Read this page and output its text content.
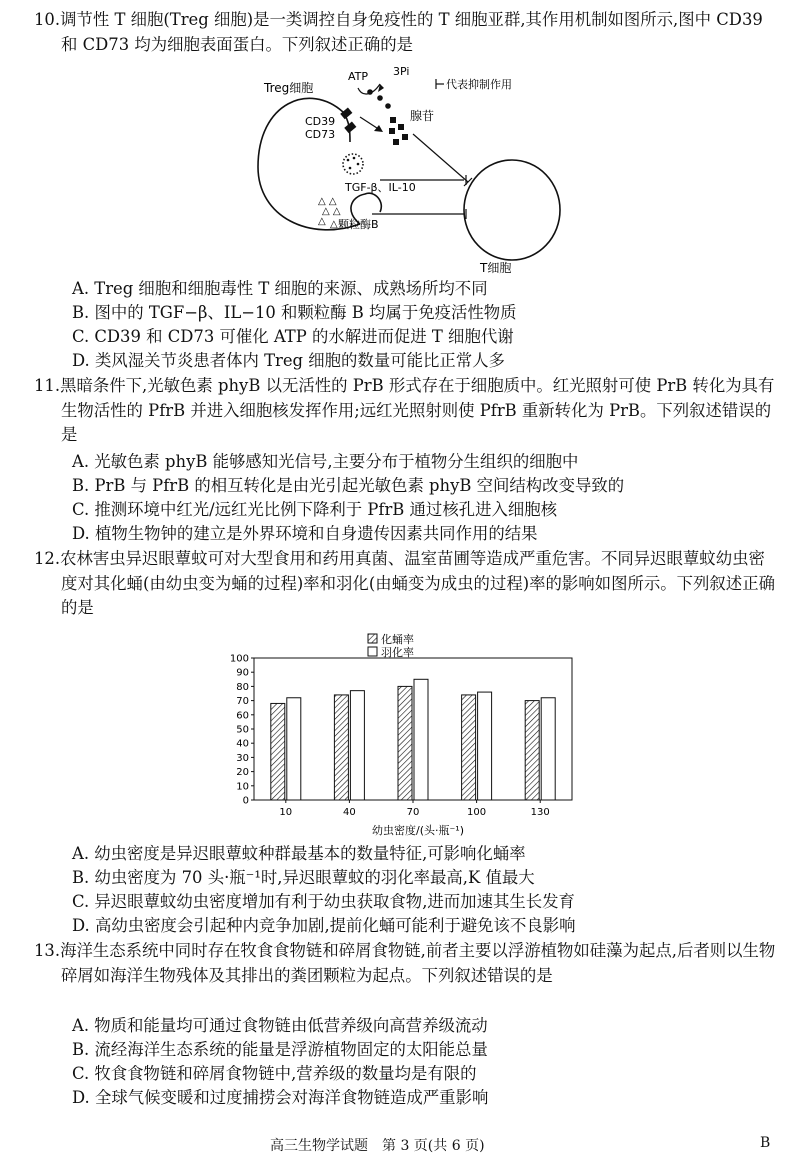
10.调节性 T 细胞(Treg 细胞)是一类调控自身免疫性的 T 细胞亚群,其作用机制如图所示,图中 CD39 和 CD73 均为细胞表面蛋白。下列叙述正确的是
Treg细胞
CD39
CD73
ATP 3Pi
腺苷
代表抑制作用
△ △
△ △
△ △
T细胞
TGF-β、IL-10
颗粒酶B
A. Treg 细胞和细胞毒性 T 细胞的来源、成熟场所均不同
B. 图中的 TGF−β、IL−10 和颗粒酶 B 均属于免疫活性物质
C. CD39 和 CD73 可催化 ATP 的水解进而促进 T 细胞代谢
D. 类风湿关节炎患者体内 Treg 细胞的数量可能比正常人多
11.黑暗条件下,光敏色素 phyB 以无活性的 PrB 形式存在于细胞质中。红光照射可使 PrB 转化为具有生物活性的 PfrB 并进入细胞核发挥作用;远红光照射则使 PfrB 重新转化为 PrB。下列叙述错误的是
A. 光敏色素 phyB 能够感知光信号,主要分布于植物分生组织的细胞中
B. PrB 与 PfrB 的相互转化是由光引起光敏色素 phyB 空间结构改变导致的
C. 推测环境中红光/远红光比例下降利于 PfrB 通过核孔进入细胞核
D. 植物生物钟的建立是外界环境和自身遗传因素共同作用的结果
12.农林害虫异迟眼蕈蚊可对大型食用和药用真菌、温室苗圃等造成严重危害。不同异迟眼蕈蚊幼虫密度对其化蛹(由幼虫变为蛹的过程)率和羽化(由蛹变为成虫的过程)率的影响如图所示。下列叙述正确的是
化蛹率
羽化率
0
10
20
30
40
50
60
70
80
90
100
10	40	70	100	130
幼虫密度/(头·瓶⁻¹)
A. 幼虫密度是异迟眼蕈蚊种群最基本的数量特征,可影响化蛹率
B. 幼虫密度为 70 头·瓶⁻¹时,异迟眼蕈蚊的羽化率最高,K 值最大
C. 异迟眼蕈蚊幼虫密度增加有利于幼虫获取食物,进而加速其生长发育
D. 高幼虫密度会引起种内竞争加剧,提前化蛹可能利于避免该不良影响
13.海洋生态系统中同时存在牧食食物链和碎屑食物链,前者主要以浮游植物如硅藻为起点,后者则以生物碎屑如海洋生物残体及其排出的粪团颗粒为起点。下列叙述错误的是
A. 物质和能量均可通过食物链由低营养级向高营养级流动
B. 流经海洋生态系统的能量是浮游植物固定的太阳能总量
C. 牧食食物链和碎屑食物链中,营养级的数量均是有限的
D. 全球气候变暖和过度捕捞会对海洋食物链造成严重影响
高三生物学试题　第 3 页(共 6 页)	B
